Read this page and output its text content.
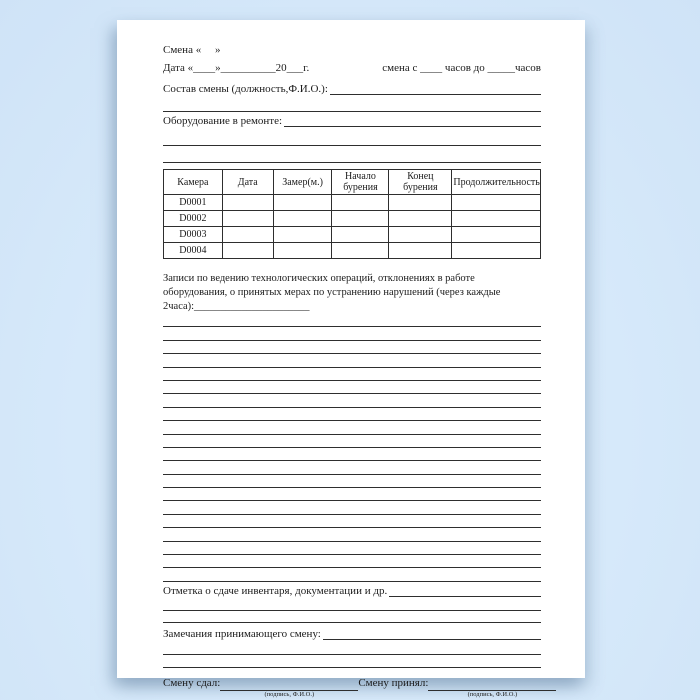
Смена «     »
Дата «____»__________20___г.	смена с ____ часов до _____часов
Состав смены (должность,Ф.И.О.):
Оборудование в ремонте:
Камера	Дата	Замер(м.)	Начало бурения	Конец бурения	Продолжительность
D0001					
D0002					
D0003					
D0004					
Записи по ведению технологических операций, отклонениях в работе оборудования, о принятых мерах по устранению нарушений (через каждые 2часа):______________________
Отметка о сдаче инвентаря, документации и др.
Замечания принимающего смену:
Смену сдал:
(подпись, Ф.И.О.)
Смену принял:
(подпись, Ф.И.О.)
